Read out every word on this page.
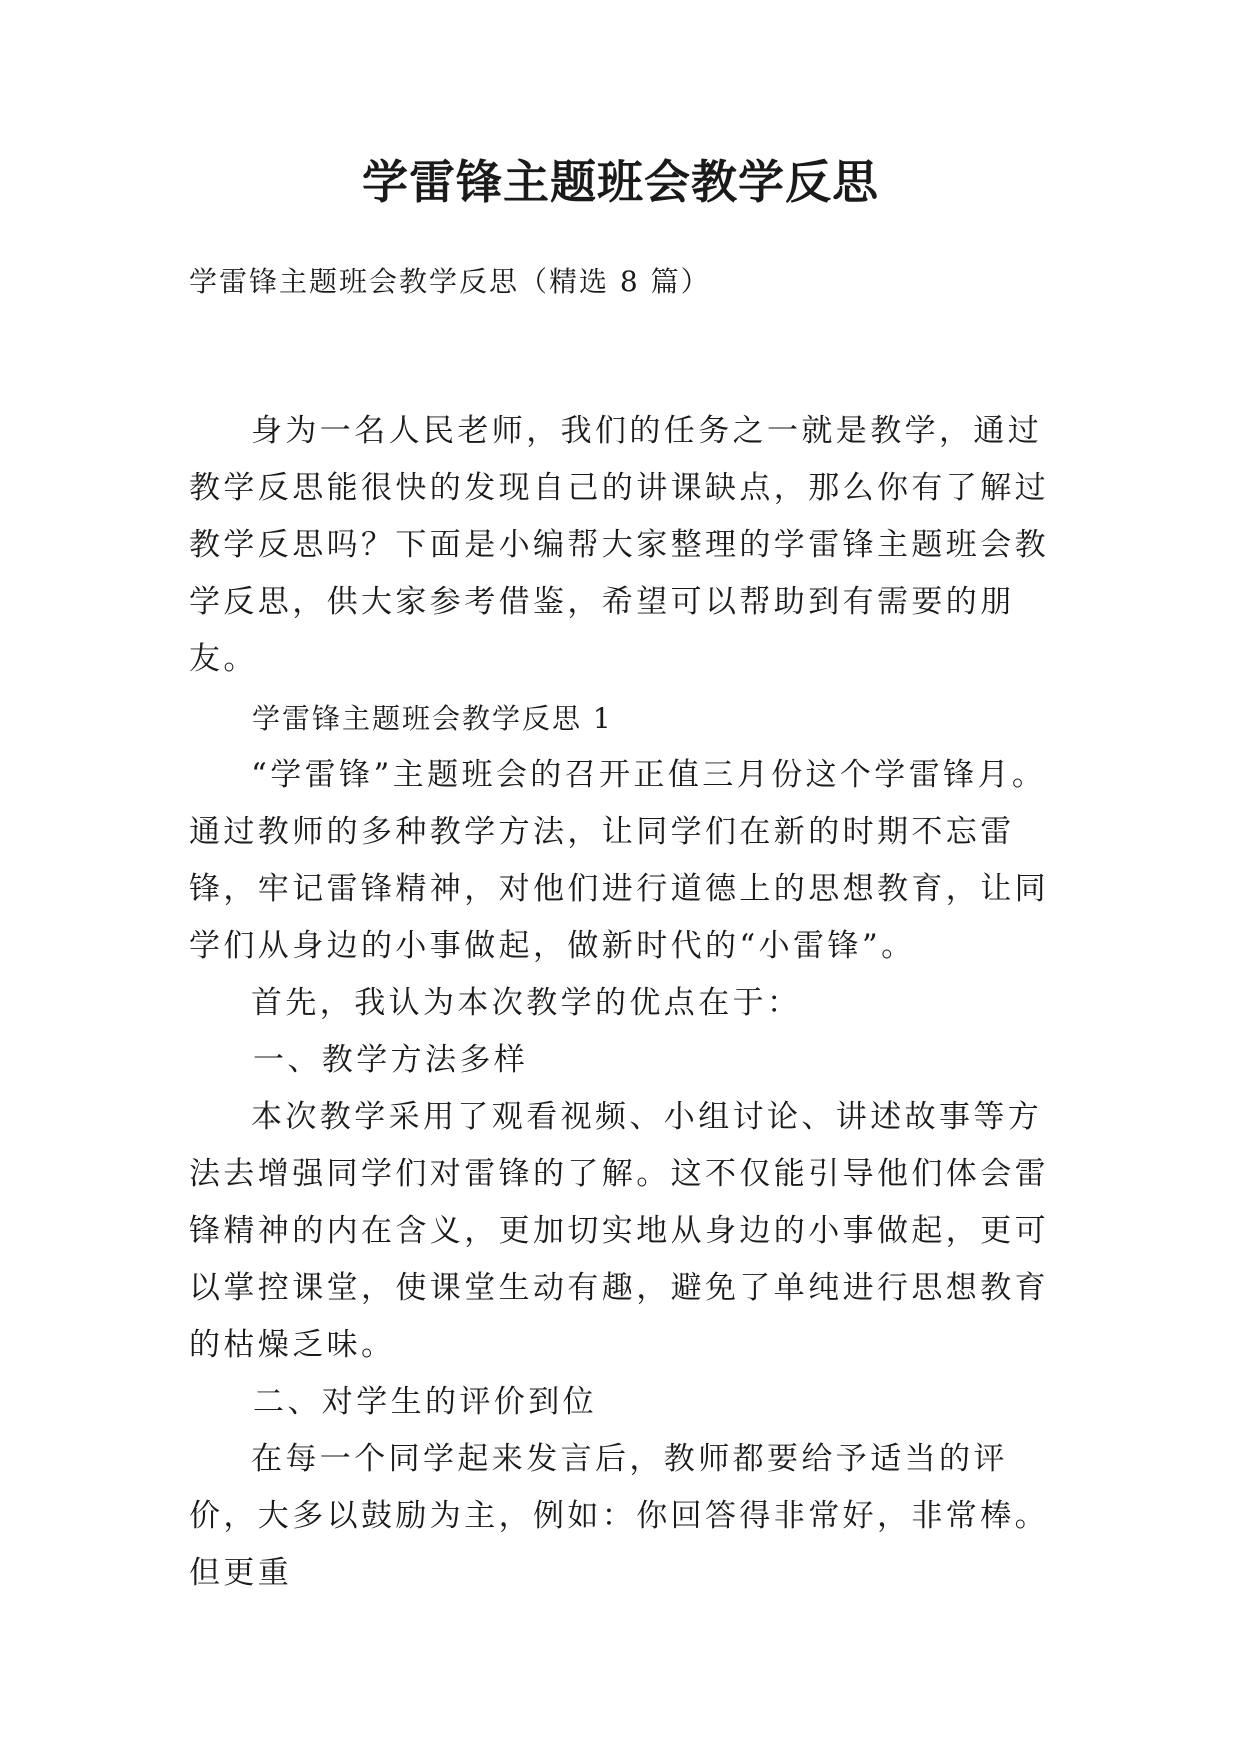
学雷锋主题班会教学反思
学雷锋主题班会教学反思（精选 8 篇）

身为一名人民老师，我们的任务之一就是教学，通过教学反思能很快的发现自己的讲课缺点，那么你有了解过教学反思吗？下面是小编帮大家整理的学雷锋主题班会教学反思，供大家参考借鉴，希望可以帮助到有需要的朋友。

学雷锋主题班会教学反思 1

“学雷锋”主题班会的召开正值三月份这个学雷锋月。通过教师的多种教学方法，让同学们在新的时期不忘雷锋，牢记雷锋精神，对他们进行道德上的思想教育，让同学们从身边的小事做起，做新时代的“小雷锋”。

首先，我认为本次教学的优点在于：

一、教学方法多样

本次教学采用了观看视频、小组讨论、讲述故事等方法去增强同学们对雷锋的了解。这不仅能引导他们体会雷锋精神的内在含义，更加切实地从身边的小事做起，更可以掌控课堂，使课堂生动有趣，避免了单纯进行思想教育的枯燥乏味。

二、对学生的评价到位

在每一个同学起来发言后，教师都要给予适当的评价，大多以鼓励为主，例如：你回答得非常好，非常棒。但更重
